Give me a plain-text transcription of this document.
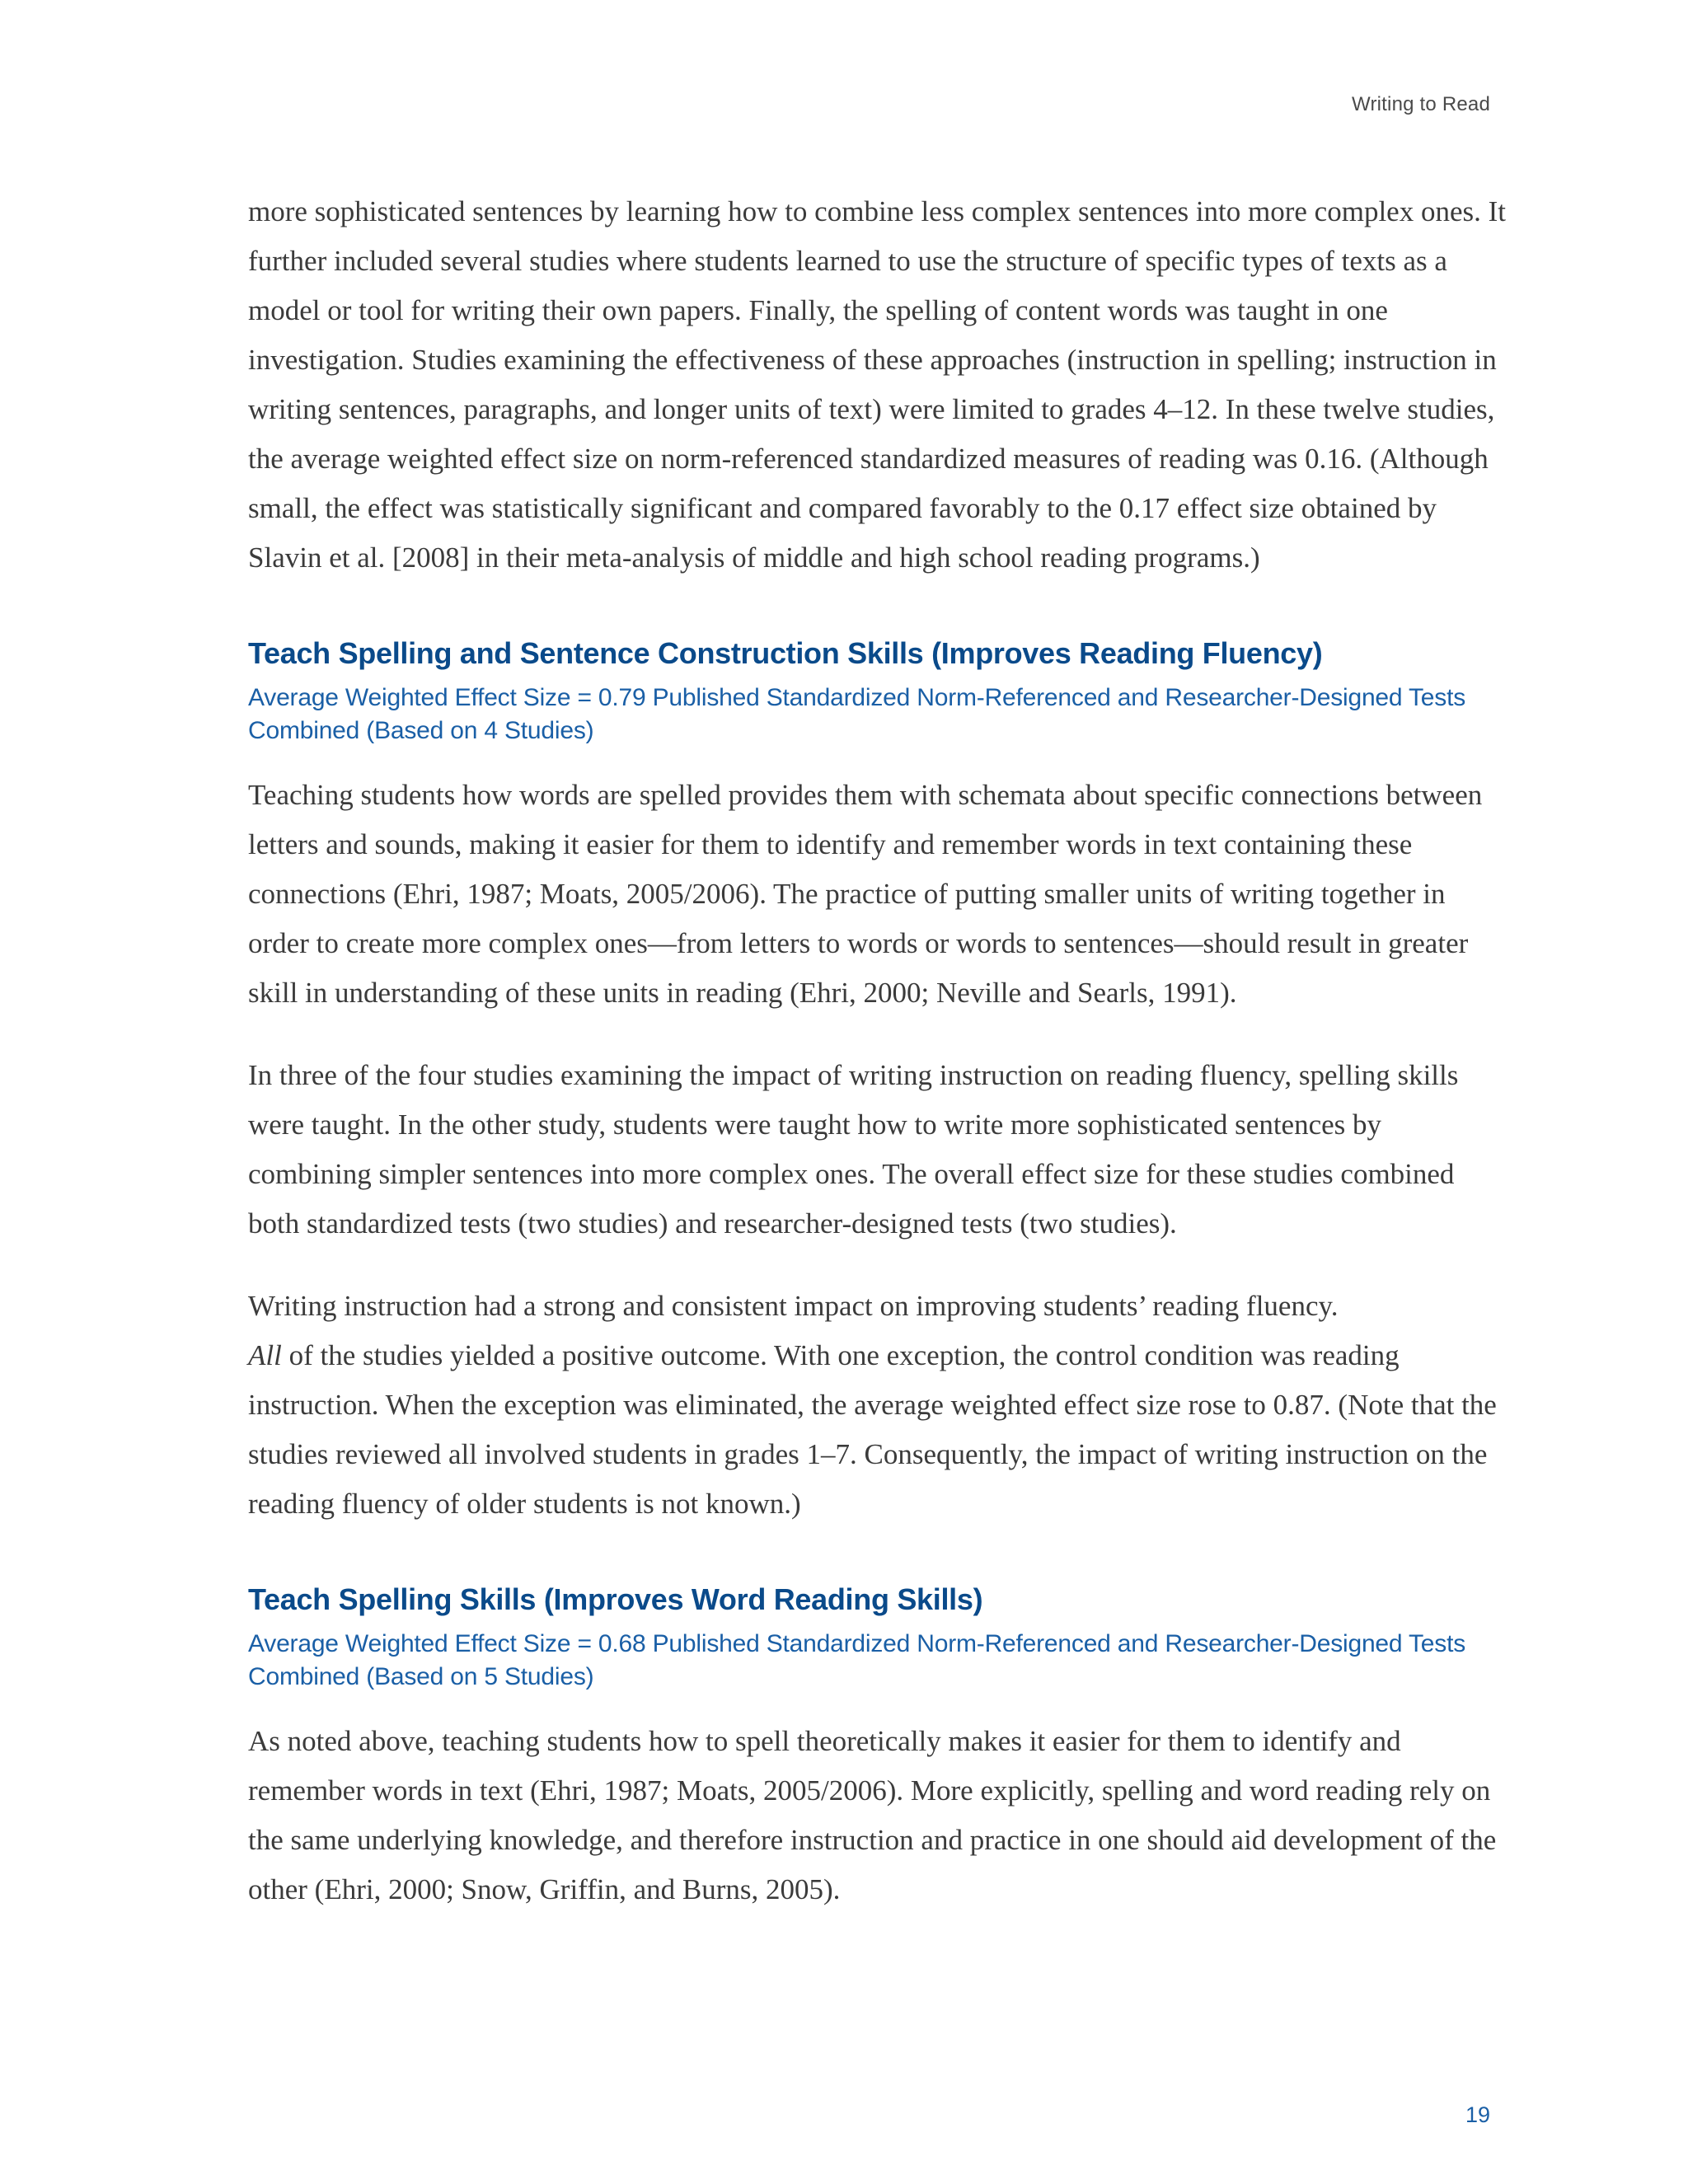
Writing to Read

more sophisticated sentences by learning how to combine less complex sentences into more complex ones. It further included several studies where students learned to use the structure of specific types of texts as a model or tool for writing their own papers. Finally, the spelling of content words was taught in one investigation. Studies examining the effectiveness of these approaches (instruction in spelling; instruction in writing sentences, paragraphs, and longer units of text) were limited to grades 4–12. In these twelve studies, the average weighted effect size on norm-referenced standardized measures of reading was 0.16. (Although small, the effect was statistically significant and compared favorably to the 0.17 effect size obtained by Slavin et al. [2008] in their meta-analysis of middle and high school reading programs.)

Teach Spelling and Sentence Construction Skills (Improves Reading Fluency)

Average Weighted Effect Size = 0.79 Published Standardized Norm-Referenced and Researcher-Designed Tests Combined (Based on 4 Studies)

Teaching students how words are spelled provides them with schemata about specific connections between letters and sounds, making it easier for them to identify and remember words in text containing these connections (Ehri, 1987; Moats, 2005/2006). The practice of putting smaller units of writing together in order to create more complex ones—from letters to words or words to sentences—should result in greater skill in understanding of these units in reading (Ehri, 2000; Neville and Searls, 1991).

In three of the four studies examining the impact of writing instruction on reading fluency, spelling skills were taught. In the other study, students were taught how to write more sophisticated sentences by combining simpler sentences into more complex ones. The overall effect size for these studies combined both standardized tests (two studies) and researcher-designed tests (two studies).

Writing instruction had a strong and consistent impact on improving students’ reading fluency.
All of the studies yielded a positive outcome. With one exception, the control condition was reading instruction. When the exception was eliminated, the average weighted effect size rose to 0.87. (Note that the studies reviewed all involved students in grades 1–7. Consequently, the impact of writing instruction on the reading fluency of older students is not known.)

Teach Spelling Skills (Improves Word Reading Skills)

Average Weighted Effect Size = 0.68 Published Standardized Norm-Referenced and Researcher-Designed Tests Combined (Based on 5 Studies)

As noted above, teaching students how to spell theoretically makes it easier for them to identify and remember words in text (Ehri, 1987; Moats, 2005/2006). More explicitly, spelling and word reading rely on the same underlying knowledge, and therefore instruction and practice in one should aid development of the other (Ehri, 2000; Snow, Griffin, and Burns, 2005).

19
